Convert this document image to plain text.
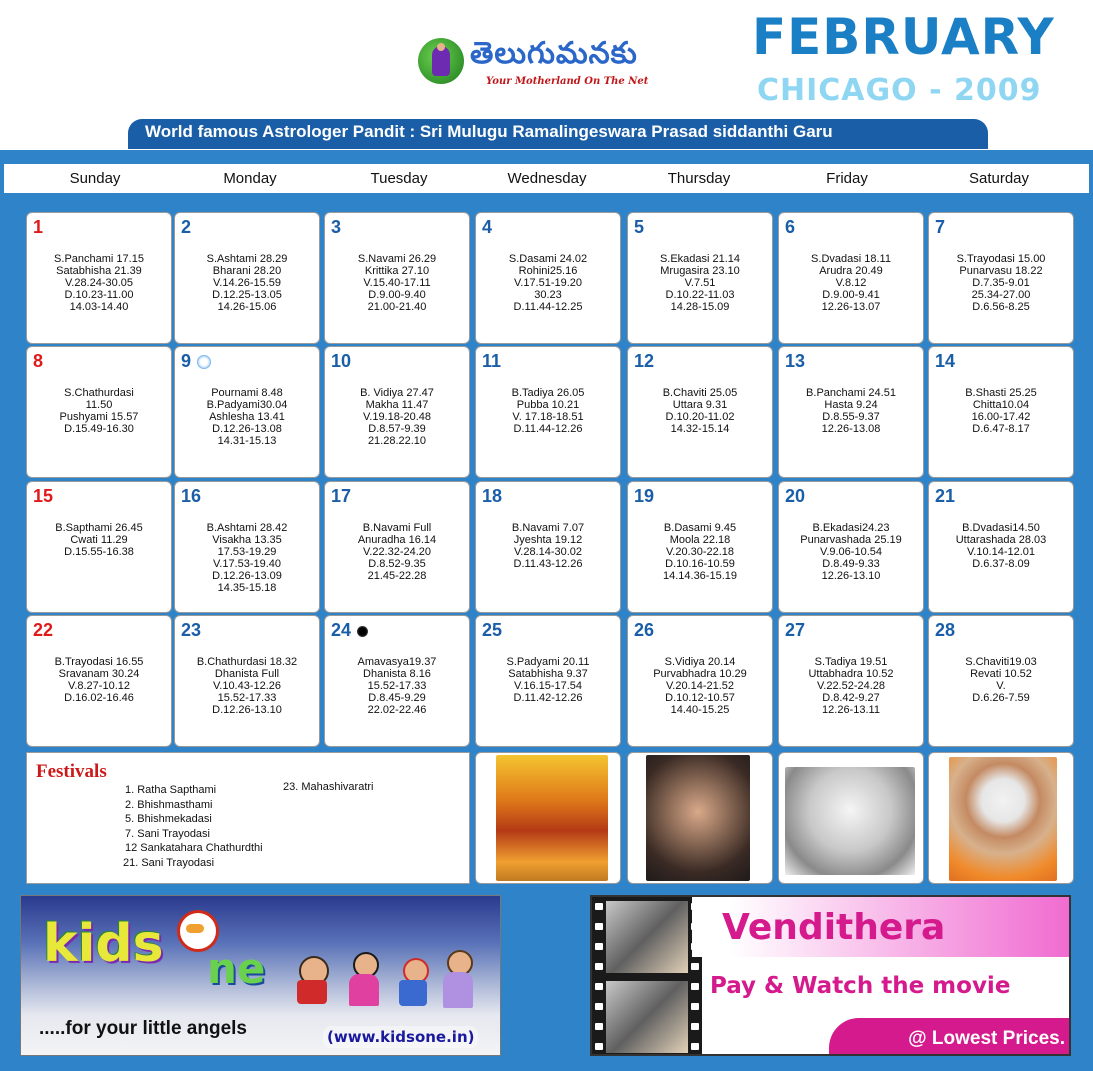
తెలుగుమనకు
Your Motherland On The Net
FEBRUARY
CHICAGO - 2009
World famous Astrologer Pandit : Sri Mulugu Ramalingeswara Prasad siddanthi Garu
Sunday	Monday	Tuesday	Wednesday	Thursday	Friday	Saturday
1
S.Panchami 17.15
Satabhisha 21.39
V.28.24-30.05
D.10.23-11.00
14.03-14.40
2
S.Ashtami 28.29
Bharani 28.20
V.14.26-15.59
D.12.25-13.05
14.26-15.06
3
S.Navami 26.29
Krittika 27.10
V.15.40-17.11
D.9.00-9.40
21.00-21.40
4
S.Dasami 24.02
Rohini25.16
V.17.51-19.20
30.23
D.11.44-12.25
5
S.Ekadasi 21.14
Mrugasira 23.10
V.7.51
D.10.22-11.03
14.28-15.09
6
S.Dvadasi 18.11
Arudra 20.49
V.8.12
D.9.00-9.41
12.26-13.07
7
S.Trayodasi 15.00
Punarvasu 18.22
D.7.35-9.01
25.34-27.00
D.6.56-8.25
8
S.Chathurdasi
11.50
Pushyami 15.57
D.15.49-16.30
9
Pournami 8.48
B.Padyami30.04
Ashlesha 13.41
D.12.26-13.08
14.31-15.13
10
B. Vidiya 27.47
Makha 11.47
V.19.18-20.48
D.8.57-9.39
21.28.22.10
11
B.Tadiya 26.05
Pubba 10.21
V. 17.18-18.51
D.11.44-12.26
12
B.Chaviti 25.05
Uttara 9.31
D.10.20-11.02
14.32-15.14
13
B.Panchami 24.51
Hasta 9.24
D.8.55-9.37
12.26-13.08
14
B.Shasti 25.25
Chitta10.04
16.00-17.42
D.6.47-8.17
15
B.Sapthami 26.45
Cwati 11.29
D.15.55-16.38
16
B.Ashtami 28.42
Visakha 13.35
17.53-19.29
V.17.53-19.40
D.12.26-13.09
14.35-15.18
17
B.Navami Full
Anuradha 16.14
V.22.32-24.20
D.8.52-9.35
21.45-22.28
18
B.Navami 7.07
Jyeshta 19.12
V.28.14-30.02
D.11.43-12.26
19
B.Dasami 9.45
Moola 22.18
V.20.30-22.18
D.10.16-10.59
14.14.36-15.19
20
B.Ekadasi24.23
Punarvashada 25.19
V.9.06-10.54
D.8.49-9.33
12.26-13.10
21
B.Dvadasi14.50
Uttarashada 28.03
V.10.14-12.01
D.6.37-8.09
22
B.Trayodasi 16.55
Sravanam 30.24
V.8.27-10.12
D.16.02-16.46
23
B.Chathurdasi 18.32
Dhanista Full
V.10.43-12.26
15.52-17.33
D.12.26-13.10
24
Amavasya19.37
Dhanista 8.16
15.52-17.33
D.8.45-9.29
22.02-22.46
25
S.Padyami 20.11
Satabhisha 9.37
V.16.15-17.54
D.11.42-12.26
26
S.Vidiya 20.14
Purvabhadra 10.29
V.20.14-21.52
D.10.12-10.57
14.40-15.25
27
S.Tadiya 19.51
Uttabhadra 10.52
V.22.52-24.28
D.8.42-9.27
12.26-13.11
28
S.Chaviti19.03
Revati 10.52
V.
D.6.26-7.59
Festivals
1. Ratha Sapthami
2. Bhishmasthami
5. Bhishmekadasi
7. Sani Trayodasi
12 Sankatahara Chathurdthi
21. Sani Trayodasi
23. Mahashivaratri
kids ne
.....for your little angels	(www.kidsone.in)
Vendithera
Pay & Watch the movie
@ Lowest Prices.
